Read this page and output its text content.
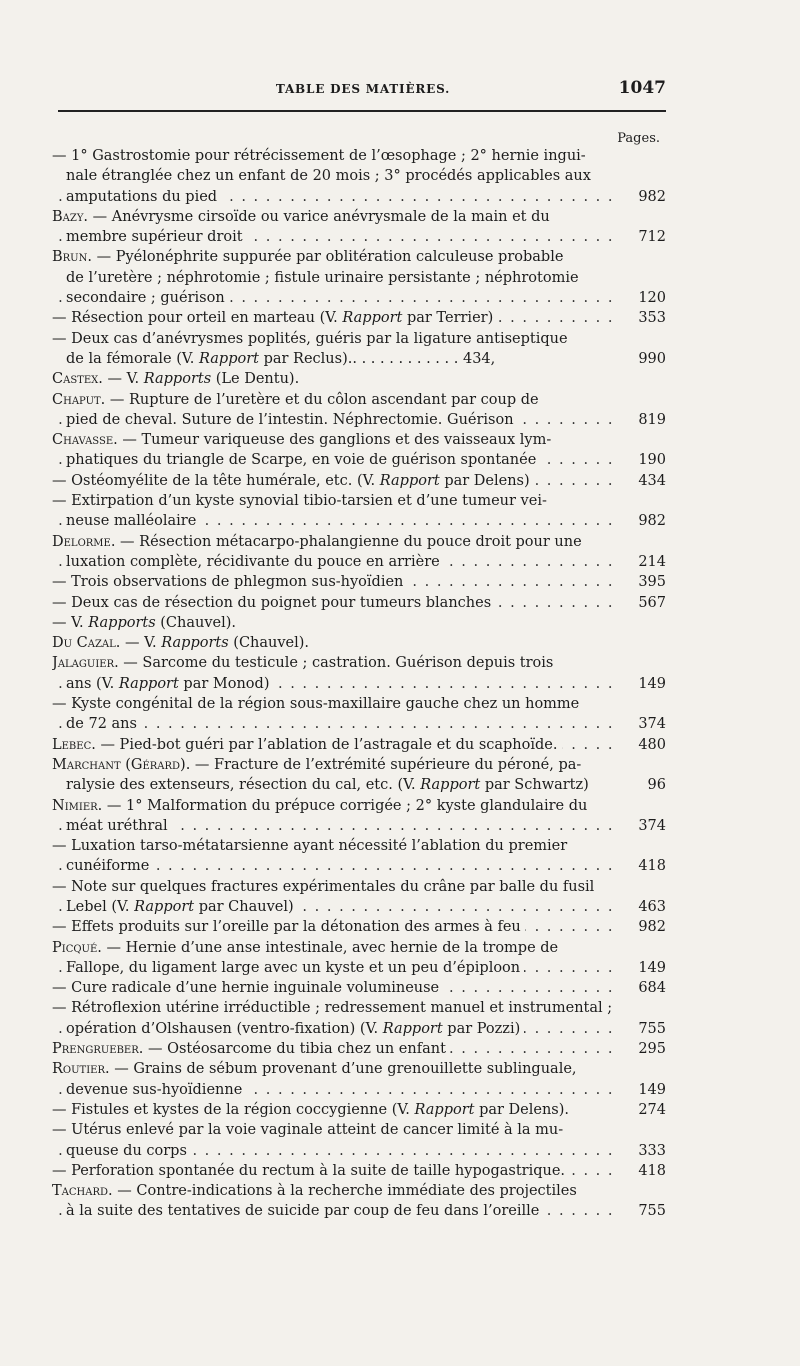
TABLE DES MATIÈRES.	1047
Pages.
— 1° Gastrostomie pour rétrécissement de l’œsophage ; 2° hernie ingui-
nale étranglée chez un enfant de 20 mois ; 3° procédés applicables aux
. . . amputations du pied	982
Bazy. — Anévrysme cirsoïde ou varice anévrysmale de la main et du
. . . membre supérieur droit	712
Brun. — Pyélonéphrite suppurée par oblitération calculeuse probable
de l’uretère ; néphrotomie ; fistule urinaire persistante ; néphrotomie
. . . secondaire ; guérison	120
. . . — Résection pour orteil en marteau (V. Rapport par Terrier)	353
— Deux cas d’anévrysmes poplités, guéris par la ligature antiseptique
de la fémorale (V. Rapport par Reclus).. . . . . . . . . . . . 434,	990
Castex. — V. Rapports (Le Dentu).
Chaput. — Rupture de l’uretère et du côlon ascendant par coup de
. . . pied de cheval. Suture de l’intestin. Néphrectomie. Guérison	819
Chavasse. — Tumeur variqueuse des ganglions et des vaisseaux lym-
. . . phatiques du triangle de Scarpe, en voie de guérison spontanée	190
. . . — Ostéomyélite de la tête humérale, etc. (V. Rapport par Delens)	434
— Extirpation d’un kyste synovial tibio-tarsien et d’une tumeur vei-
. . . neuse malléolaire	982
Delorme. — Résection métacarpo-phalangienne du pouce droit pour une
. . . luxation complète, récidivante du pouce en arrière	214
. . . — Trois observations de phlegmon sus-hyoïdien	395
. . . — Deux cas de résection du poignet pour tumeurs blanches	567
— V. Rapports (Chauvel).
Du Cazal. — V. Rapports (Chauvel).
Jalaguier. — Sarcome du testicule ; castration. Guérison depuis trois
. . . ans (V. Rapport par Monod)	149
— Kyste congénital de la région sous-maxillaire gauche chez un homme
. . . de 72 ans	374
. . . Lebec. — Pied-bot guéri par l’ablation de l’astragale et du scaphoïde.	480
Marchant (Gérard). — Fracture de l’extrémité supérieure du péroné, pa-
ralysie des extenseurs, résection du cal, etc. (V. Rapport par Schwartz)	96
Nimier. — 1° Malformation du prépuce corrigée ; 2° kyste glandulaire du
. . . méat uréthral	374
— Luxation tarso-métatarsienne ayant nécessité l’ablation du premier
. . . cunéiforme	418
— Note sur quelques fractures expérimentales du crâne par balle du fusil
. . . Lebel (V. Rapport par Chauvel)	463
. . . — Effets produits sur l’oreille par la détonation des armes à feu	982
Picqué. — Hernie d’une anse intestinale, avec hernie de la trompe de
. . . Fallope, du ligament large avec un kyste et un peu d’épiploon	149
. . . — Cure radicale d’une hernie inguinale volumineuse	684
— Rétroflexion utérine irréductible ; redressement manuel et instrumental ;
. . . opération d’Olshausen (ventro-fixation) (V. Rapport par Pozzi)	755
. . . Prengrueber. — Ostéosarcome du tibia chez un enfant	295
Routier. — Grains de sébum provenant d’une grenouillette sublinguale,
. . . devenue sus-hyoïdienne	149
— Fistules et kystes de la région coccygienne (V. Rapport par Delens).	274
— Utérus enlevé par la voie vaginale atteint de cancer limité à la mu-
. . . queuse du corps	333
. . . — Perforation spontanée du rectum à la suite de taille hypogastrique.	418
Tachard. — Contre-indications à la recherche immédiate des projectiles
. . . à la suite des tentatives de suicide par coup de feu dans l’oreille	755
